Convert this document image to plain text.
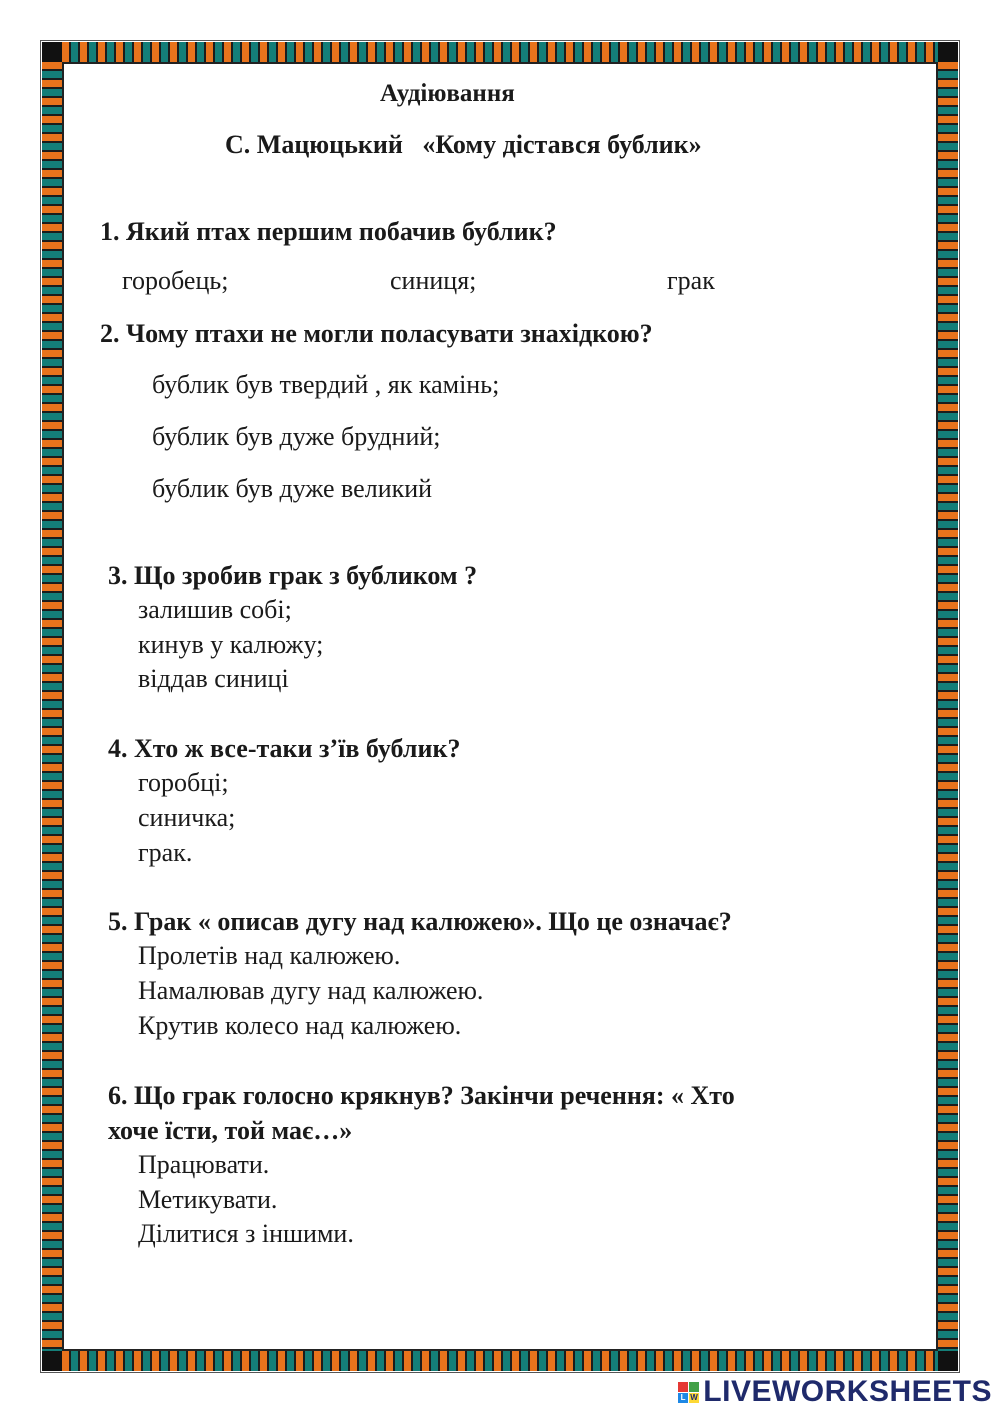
Аудіювання
С. Мацюцький   «Кому дістався бублик»
1. Який птах першим побачив бублик?
горобець;	синиця;	грак
2. Чому птахи не могли поласувати знахідкою?
бублик був твердий , як камінь;
бублик був дуже брудний;
бублик був дуже великий
3. Що зробив грак з бубликом ?
залишив собі;
кинув у калюжу;
віддав синиці
4. Хто ж все-таки з’їв бублик?
горобці;
синичка;
грак.
5. Грак « описав дугу над калюжею». Що це означає?
Пролетів над калюжею.
Намалював дугу над калюжею.
Крутив колесо над калюжею.
6. Що грак голосно крякнув? Закінчи речення: « Хто
хоче їсти, той має…»
Працювати.
Метикувати.
Ділитися з іншими.
L W LIVEWORKSHEETS
